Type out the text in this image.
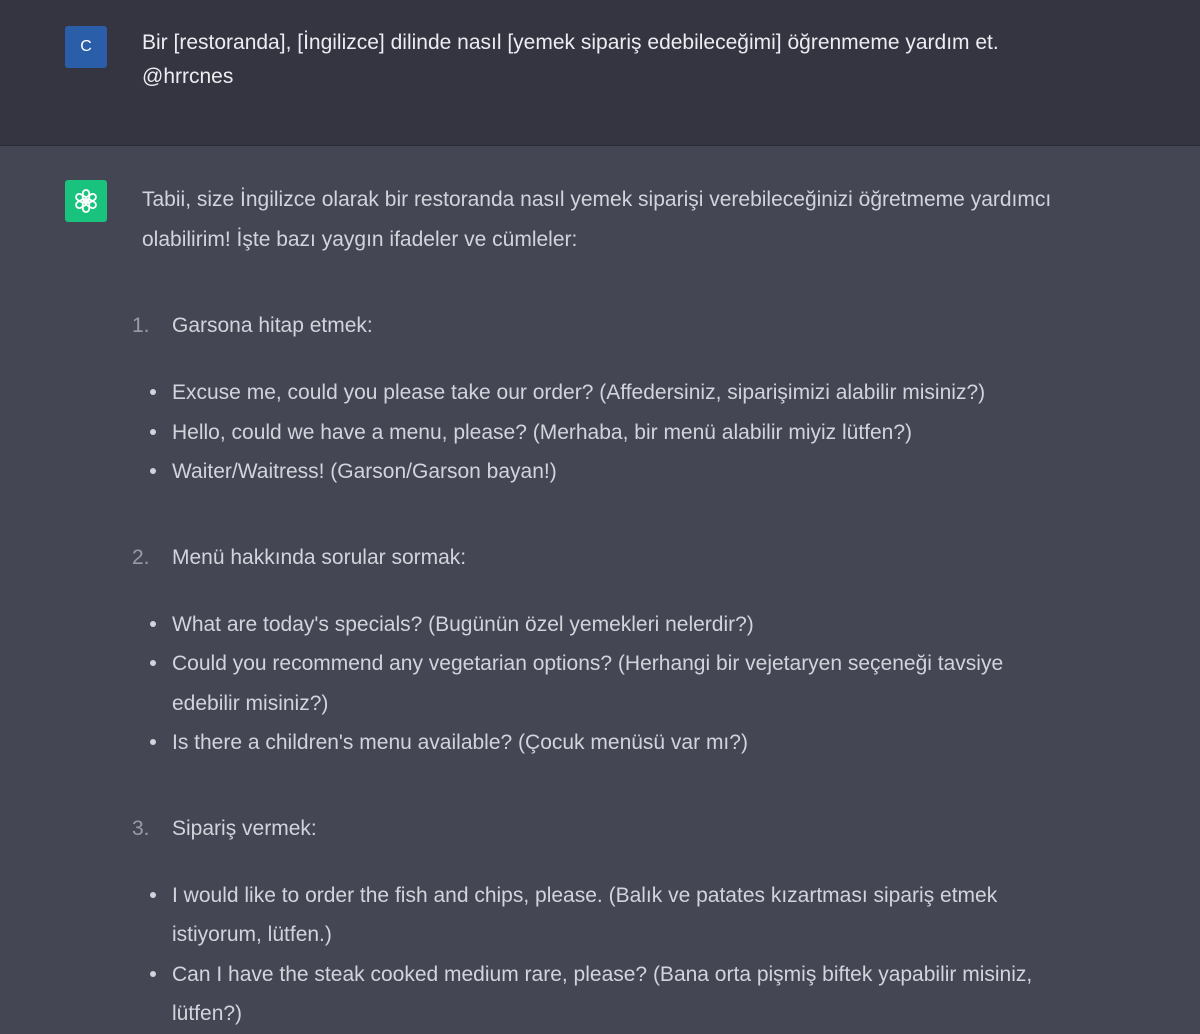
C	Bir [restoranda], [İngilizce] dilinde nasıl [yemek sipariş edebileceğimi] öğrenmeme yardım et. @hrrcnes

Tabii, size İngilizce olarak bir restoranda nasıl yemek siparişi verebileceğinizi öğretmeme yardımcı olabilirim! İşte bazı yaygın ifadeler ve cümleler:

1. Garsona hitap etmek:
Excuse me, could you please take our order? (Affedersiniz, siparişimizi alabilir misiniz?)
Hello, could we have a menu, please? (Merhaba, bir menü alabilir miyiz lütfen?)
Waiter/Waitress! (Garson/Garson bayan!)
2. Menü hakkında sorular sormak:
What are today's specials? (Bugünün özel yemekleri nelerdir?)
Could you recommend any vegetarian options? (Herhangi bir vejetaryen seçeneği tavsiye edebilir misiniz?)
Is there a children's menu available? (Çocuk menüsü var mı?)
3. Sipariş vermek:
I would like to order the fish and chips, please. (Balık ve patates kızartması sipariş etmek istiyorum, lütfen.)
Can I have the steak cooked medium rare, please? (Bana orta pişmiş biftek yapabilir misiniz, lütfen?)
